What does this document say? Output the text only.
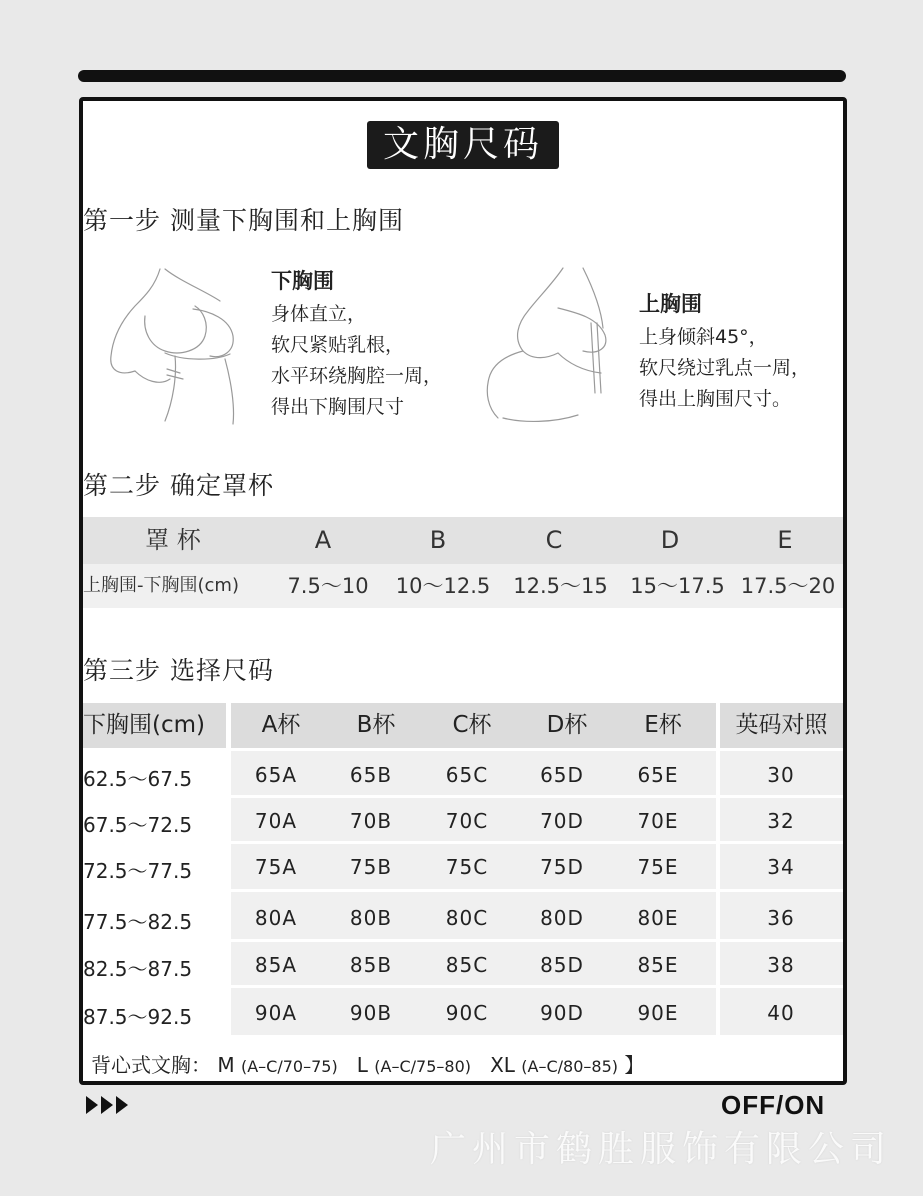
文胸尺码
第一步 测量下胸围和上胸围
下胸围
身体直立，
软尺紧贴乳根，
水平环绕胸腔一周，
得出下胸围尺寸
上胸围
上身倾斜45°，
软尺绕过乳点一周，
得出上胸围尺寸。
第二步 确定罩杯
罩 杯	A	B	C	D	E
上胸围-下胸围(cm)	7.5～10	10～12.5	12.5～15	15～17.5 17.5～20
第三步 选择尺码
下胸围(cm)	A杯	B杯	C杯	D杯	E杯	英码对照
62.5～67.5	65A	65B	65C	65D	65E	30
67.5～72.5	70A	70B	70C	70D	70E	32
72.5～77.5	75A	75B	75C	75D	75E	34
77.5～82.5	80A	80B	80C	80D	80E	36
82.5～87.5	85A	85B	85C	85D	85E	38
87.5～92.5	90A	90B	90C	90D	90E	40
背心式文胸： M (A–C/70–75) L (A–C/75–80) XL (A–C/80–85) 】
OFF/ON
广州市鹤胜服饰有限公司
